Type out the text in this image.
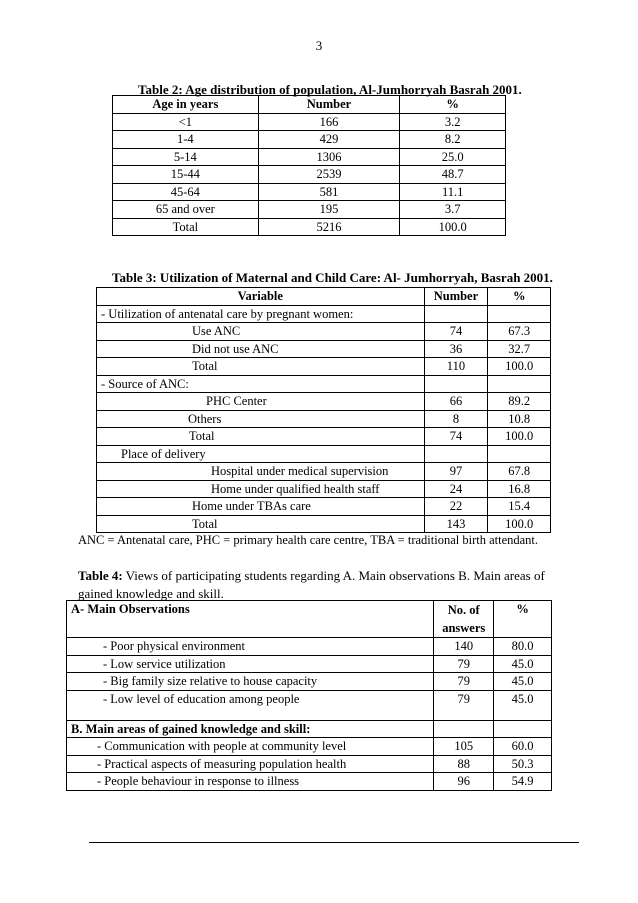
3
Table 2: Age distribution of population, Al-Jumhorryah Basrah 2001.
Age in years	Number	%
<1	166	3.2
1-4	429	8.2
5-14	1306	25.0
15-44	2539	48.7
45-64	581	11.1
65 and over	195	3.7
Total	5216	100.0
Table 3: Utilization of Maternal and Child Care: Al- Jumhorryah, Basrah 2001.
Variable	Number	%
- Utilization of antenatal care by pregnant women:		
Use ANC	74	67.3
Did not use ANC	36	32.7
Total	110	100.0
- Source of ANC:		
PHC Center	66	89.2
Others	8	10.8
Total	74	100.0
Place of delivery		
Hospital under medical supervision	97	67.8
Home under qualified health staff	24	16.8
Home under TBAs care	22	15.4
Total	143	100.0
ANC = Antenatal care, PHC = primary health care centre, TBA = traditional birth attendant.
Table 4: Views of participating students regarding A. Main observations B. Main areas of gained knowledge and skill.
A- Main Observations	No. of answers	%
- Poor physical environment	140	80.0
- Low service utilization	79	45.0
- Big family size relative to house capacity	79	45.0
- Low level of education among people	79	45.0
B. Main areas of gained knowledge and skill:		
- Communication with people at community level	105	60.0
- Practical aspects of measuring population health	88	50.3
- People behaviour in response to illness	96	54.9
